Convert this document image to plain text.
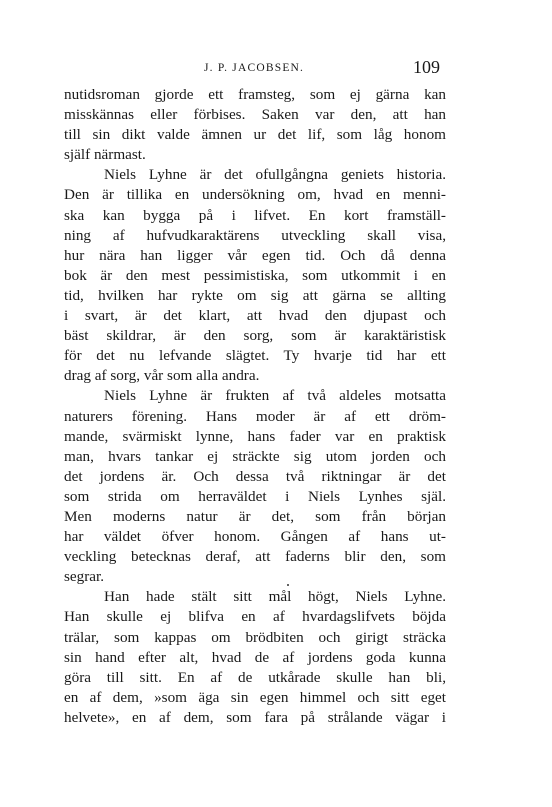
J. P. JACOBSEN.	109
nutidsroman gjorde ett framsteg, som ej gärna kan
misskännas eller förbises. Saken var den, att han
till sin dikt valde ämnen ur det lif, som låg honom
själf närmast.
Niels Lyhne är det ofullgångna geniets historia.
Den är tillika en undersökning om, hvad en menni-
ska kan bygga på i lifvet. En kort framställ-
ning af hufvudkaraktärens utveckling skall visa,
hur nära han ligger vår egen tid. Och då denna
bok är den mest pessimistiska, som utkommit i en
tid, hvilken har rykte om sig att gärna se allting
i svart, är det klart, att hvad den djupast och
bäst skildrar, är den sorg, som är karaktäristisk
för det nu lefvande slägtet. Ty hvarje tid har ett
drag af sorg, vår som alla andra.
Niels Lyhne är frukten af två aldeles motsatta
naturers förening. Hans moder är af ett dröm-
mande, svärmiskt lynne, hans fader var en praktisk
man, hvars tankar ej sträckte sig utom jorden och
det jordens är. Och dessa två riktningar är det
som strida om herraväldet i Niels Lynhes själ.
Men moderns natur är det, som från början
har väldet öfver honom. Gången af hans ut-
veckling betecknas deraf, att faderns blir den, som
segrar.
Han hade stält sitt mål högt, Niels Lyhne.
Han skulle ej blifva en af hvardagslifvets böjda
trälar, som kappas om brödbiten och girigt sträcka
sin hand efter alt, hvad de af jordens goda kunna
göra till sitt. En af de utkårade skulle han bli,
en af dem, »som äga sin egen himmel och sitt eget
helvete», en af dem, som fara på strålande vägar i
